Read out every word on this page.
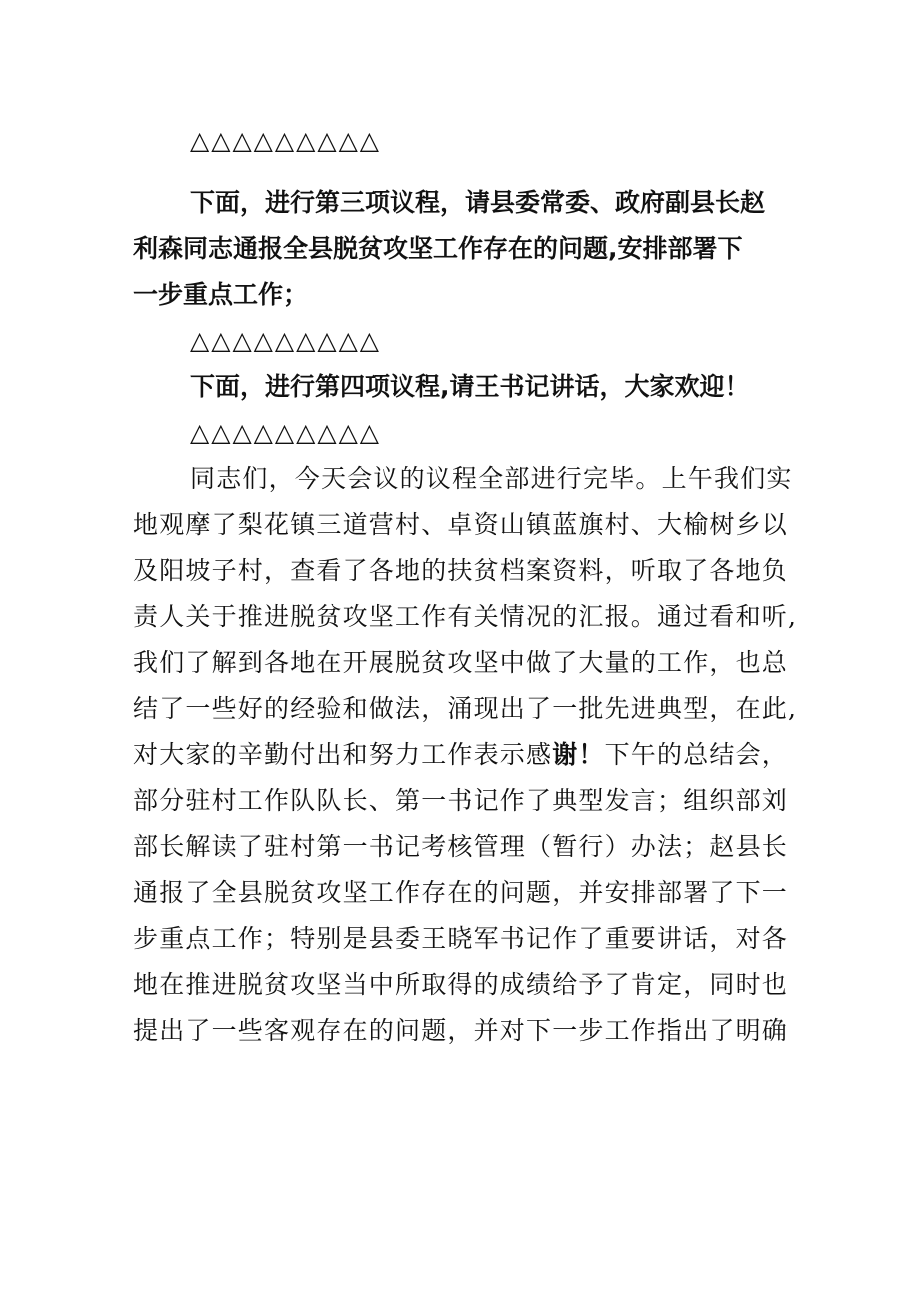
△△△△△△△△△
下面，进行第三项议程，请县委常委、政府副县长赵
利森同志通报全县脱贫攻坚工作存在的问题,安排部署下
一步重点工作；
△△△△△△△△△
下面，进行第四项议程,请王书记讲话，大家欢迎！
△△△△△△△△△
同志们，今天会议的议程全部进行完毕。上午我们实
地观摩了梨花镇三道营村、卓资山镇蓝旗村、大榆树乡以
及阳坡子村，查看了各地的扶贫档案资料，听取了各地负
责人关于推进脱贫攻坚工作有关情况的汇报。通过看和听,
我们了解到各地在开展脱贫攻坚中做了大量的工作，也总
结了一些好的经验和做法，涌现出了一批先进典型，在此,
对大家的辛勤付出和努力工作表示感谢！下午的总结会，
部分驻村工作队队长、第一书记作了典型发言；组织部刘
部长解读了驻村第一书记考核管理（暂行）办法；赵县长
通报了全县脱贫攻坚工作存在的问题，并安排部署了下一
步重点工作；特别是县委王晓军书记作了重要讲话，对各
地在推进脱贫攻坚当中所取得的成绩给予了肯定，同时也
提出了一些客观存在的问题，并对下一步工作指出了明确
